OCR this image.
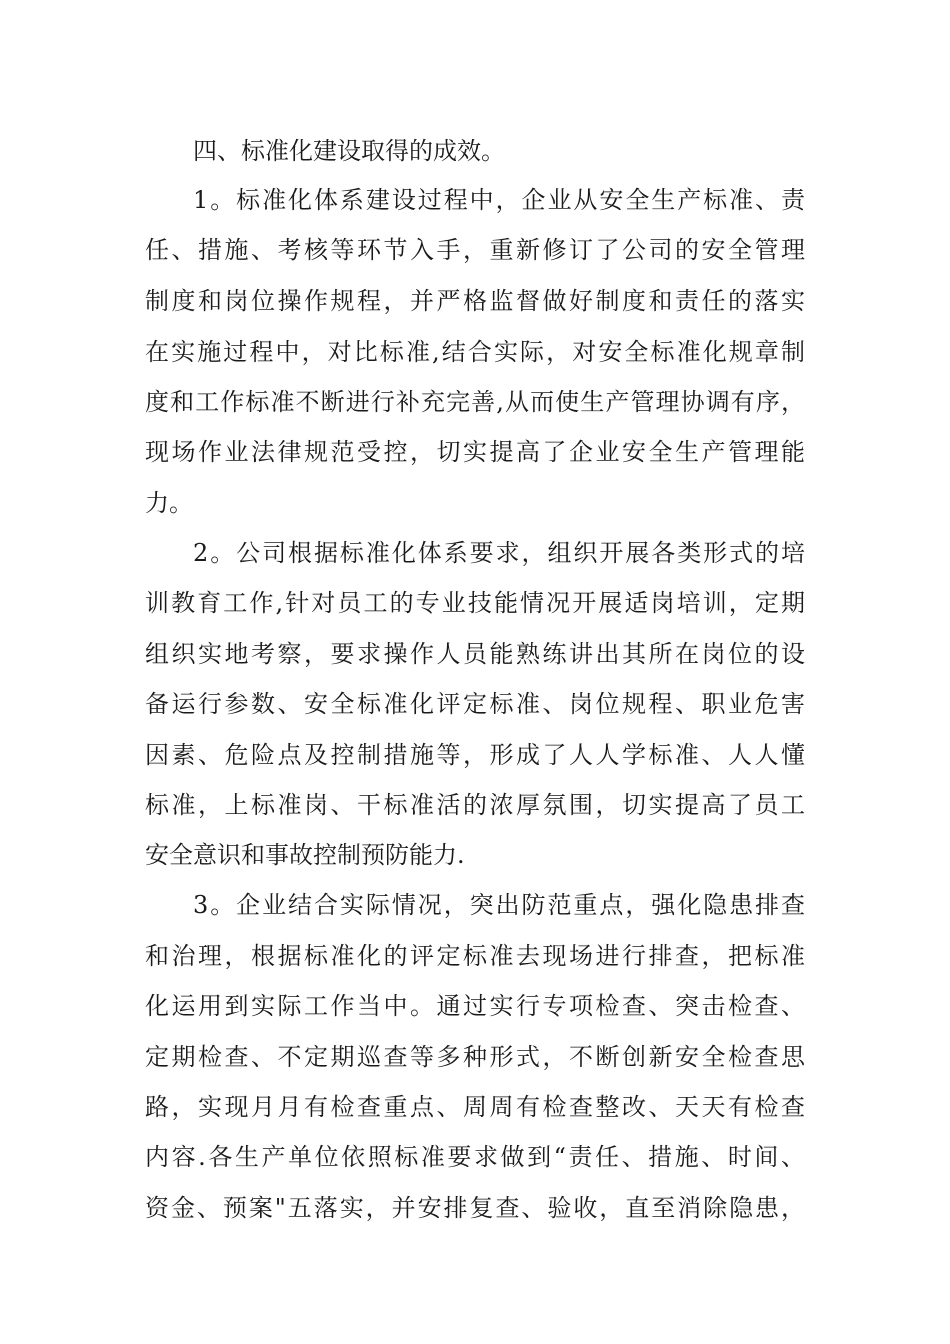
四、标准化建设取得的成效。
1。标准化体系建设过程中，企业从安全生产标准、责
任、措施、考核等环节入手，重新修订了公司的安全管理
制度和岗位操作规程，并严格监督做好制度和责任的落实
在实施过程中，对比标准,结合实际，对安全标准化规章制
度和工作标准不断进行补充完善,从而使生产管理协调有序，
现场作业法律规范受控，切实提高了企业安全生产管理能
力。
2。公司根据标准化体系要求，组织开展各类形式的培
训教育工作,针对员工的专业技能情况开展适岗培训，定期
组织实地考察，要求操作人员能熟练讲出其所在岗位的设
备运行参数、安全标准化评定标准、岗位规程、职业危害
因素、危险点及控制措施等，形成了人人学标准、人人懂
标准，上标准岗、干标准活的浓厚氛围，切实提高了员工
安全意识和事故控制预防能力.
3。企业结合实际情况，突出防范重点，强化隐患排查
和治理，根据标准化的评定标准去现场进行排查，把标准
化运用到实际工作当中。通过实行专项检查、突击检查、
定期检查、不定期巡查等多种形式，不断创新安全检查思
路，实现月月有检查重点、周周有检查整改、天天有检查
内容.各生产单位依照标准要求做到“责任、措施、时间、
资金、预案"五落实，并安排复查、验收，直至消除隐患，
